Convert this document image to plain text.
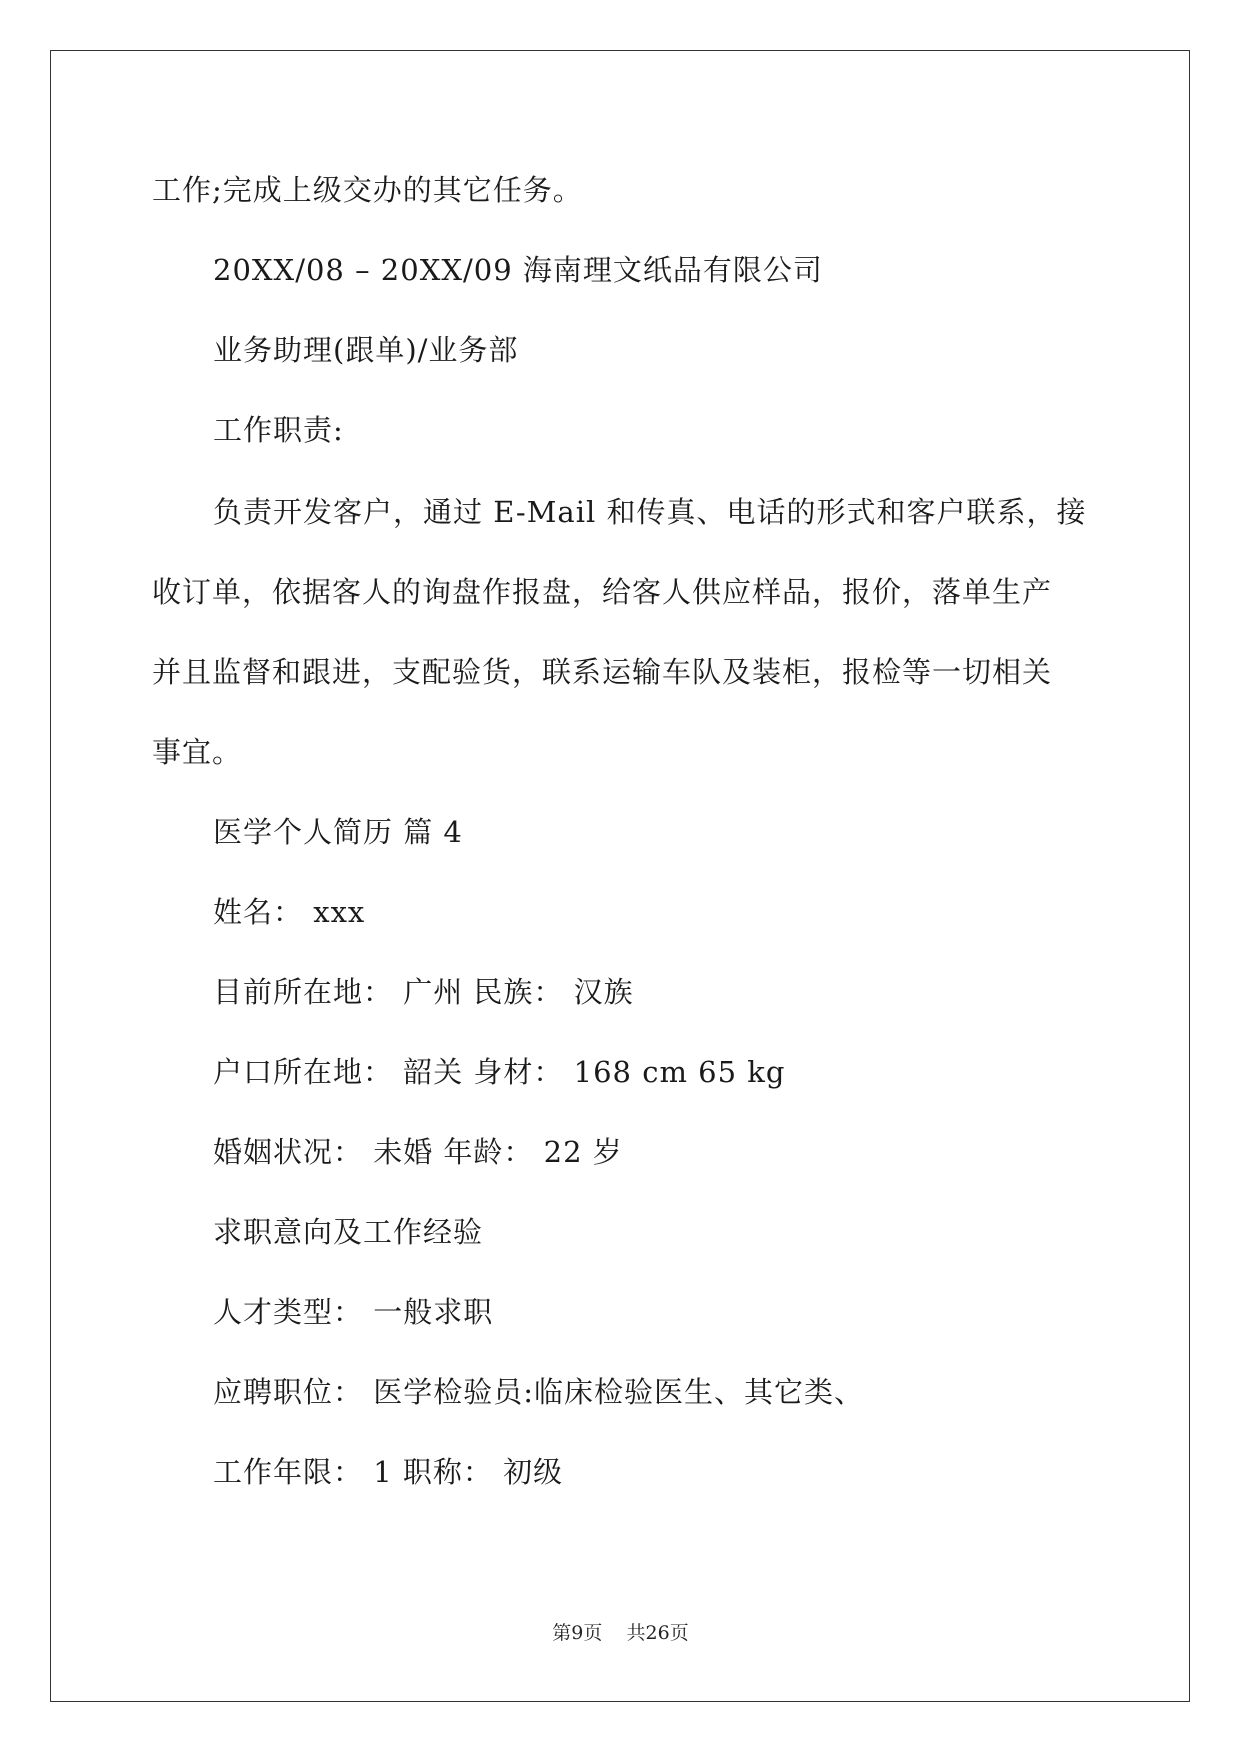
工作;完成上级交办的其它任务。
20XX/08 – 20XX/09 海南理文纸品有限公司
业务助理(跟单)/业务部
工作职责:
负责开发客户，通过 E-Mail 和传真、电话的形式和客户联系，接
收订单，依据客人的询盘作报盘，给客人供应样品，报价，落单生产
并且监督和跟进，支配验货，联系运输车队及装柜，报检等一切相关
事宜。
医学个人简历 篇 4
姓名： xxx
目前所在地： 广州 民族： 汉族
户口所在地： 韶关 身材： 168 cm 65 kg
婚姻状况： 未婚 年龄： 22 岁
求职意向及工作经验
人才类型： 一般求职
应聘职位： 医学检验员:临床检验医生、其它类、
工作年限： 1 职称： 初级
第9页 共26页
